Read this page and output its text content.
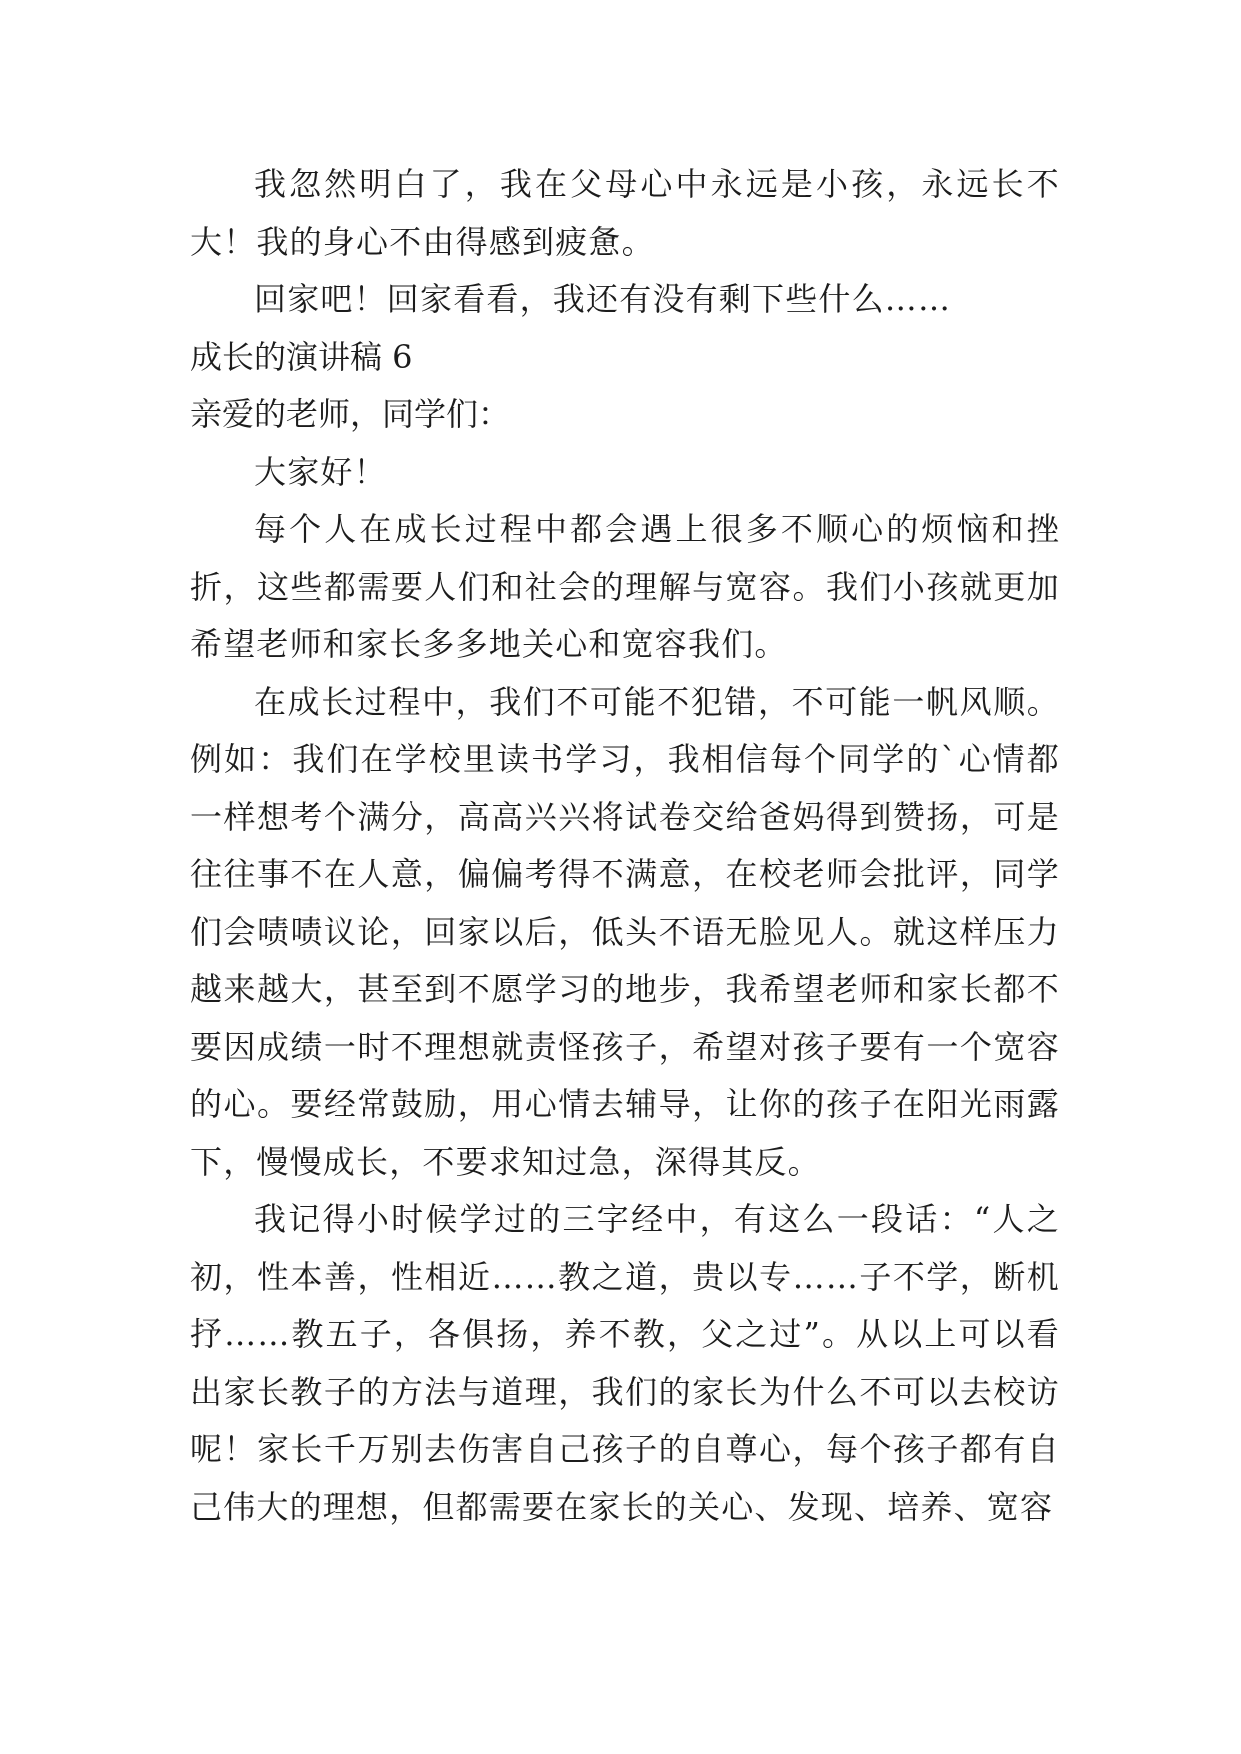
我忽然明白了，我在父母心中永远是小孩，永远长不大！我的身心不由得感到疲惫。

回家吧！回家看看，我还有没有剩下些什么……

成长的演讲稿 6

亲爱的老师，同学们：

大家好！

每个人在成长过程中都会遇上很多不顺心的烦恼和挫折，这些都需要人们和社会的理解与宽容。我们小孩就更加希望老师和家长多多地关心和宽容我们。

在成长过程中，我们不可能不犯错，不可能一帆风顺。例如：我们在学校里读书学习，我相信每个同学的`心情都一样想考个满分，高高兴兴将试卷交给爸妈得到赞扬，可是往往事不在人意，偏偏考得不满意，在校老师会批评，同学们会啧啧议论，回家以后，低头不语无脸见人。就这样压力越来越大，甚至到不愿学习的地步，我希望老师和家长都不要因成绩一时不理想就责怪孩子，希望对孩子要有一个宽容的心。要经常鼓励，用心情去辅导，让你的孩子在阳光雨露下，慢慢成长，不要求知过急，深得其反。

我记得小时候学过的三字经中，有这么一段话：“人之初，性本善，性相近……教之道，贵以专……子不学，断机抒……教五子，各俱扬，养不教，父之过”。从以上可以看出家长教子的方法与道理，我们的家长为什么不可以去校访呢！家长千万别去伤害自己孩子的自尊心，每个孩子都有自己伟大的理想，但都需要在家长的关心、发现、培养、宽容
